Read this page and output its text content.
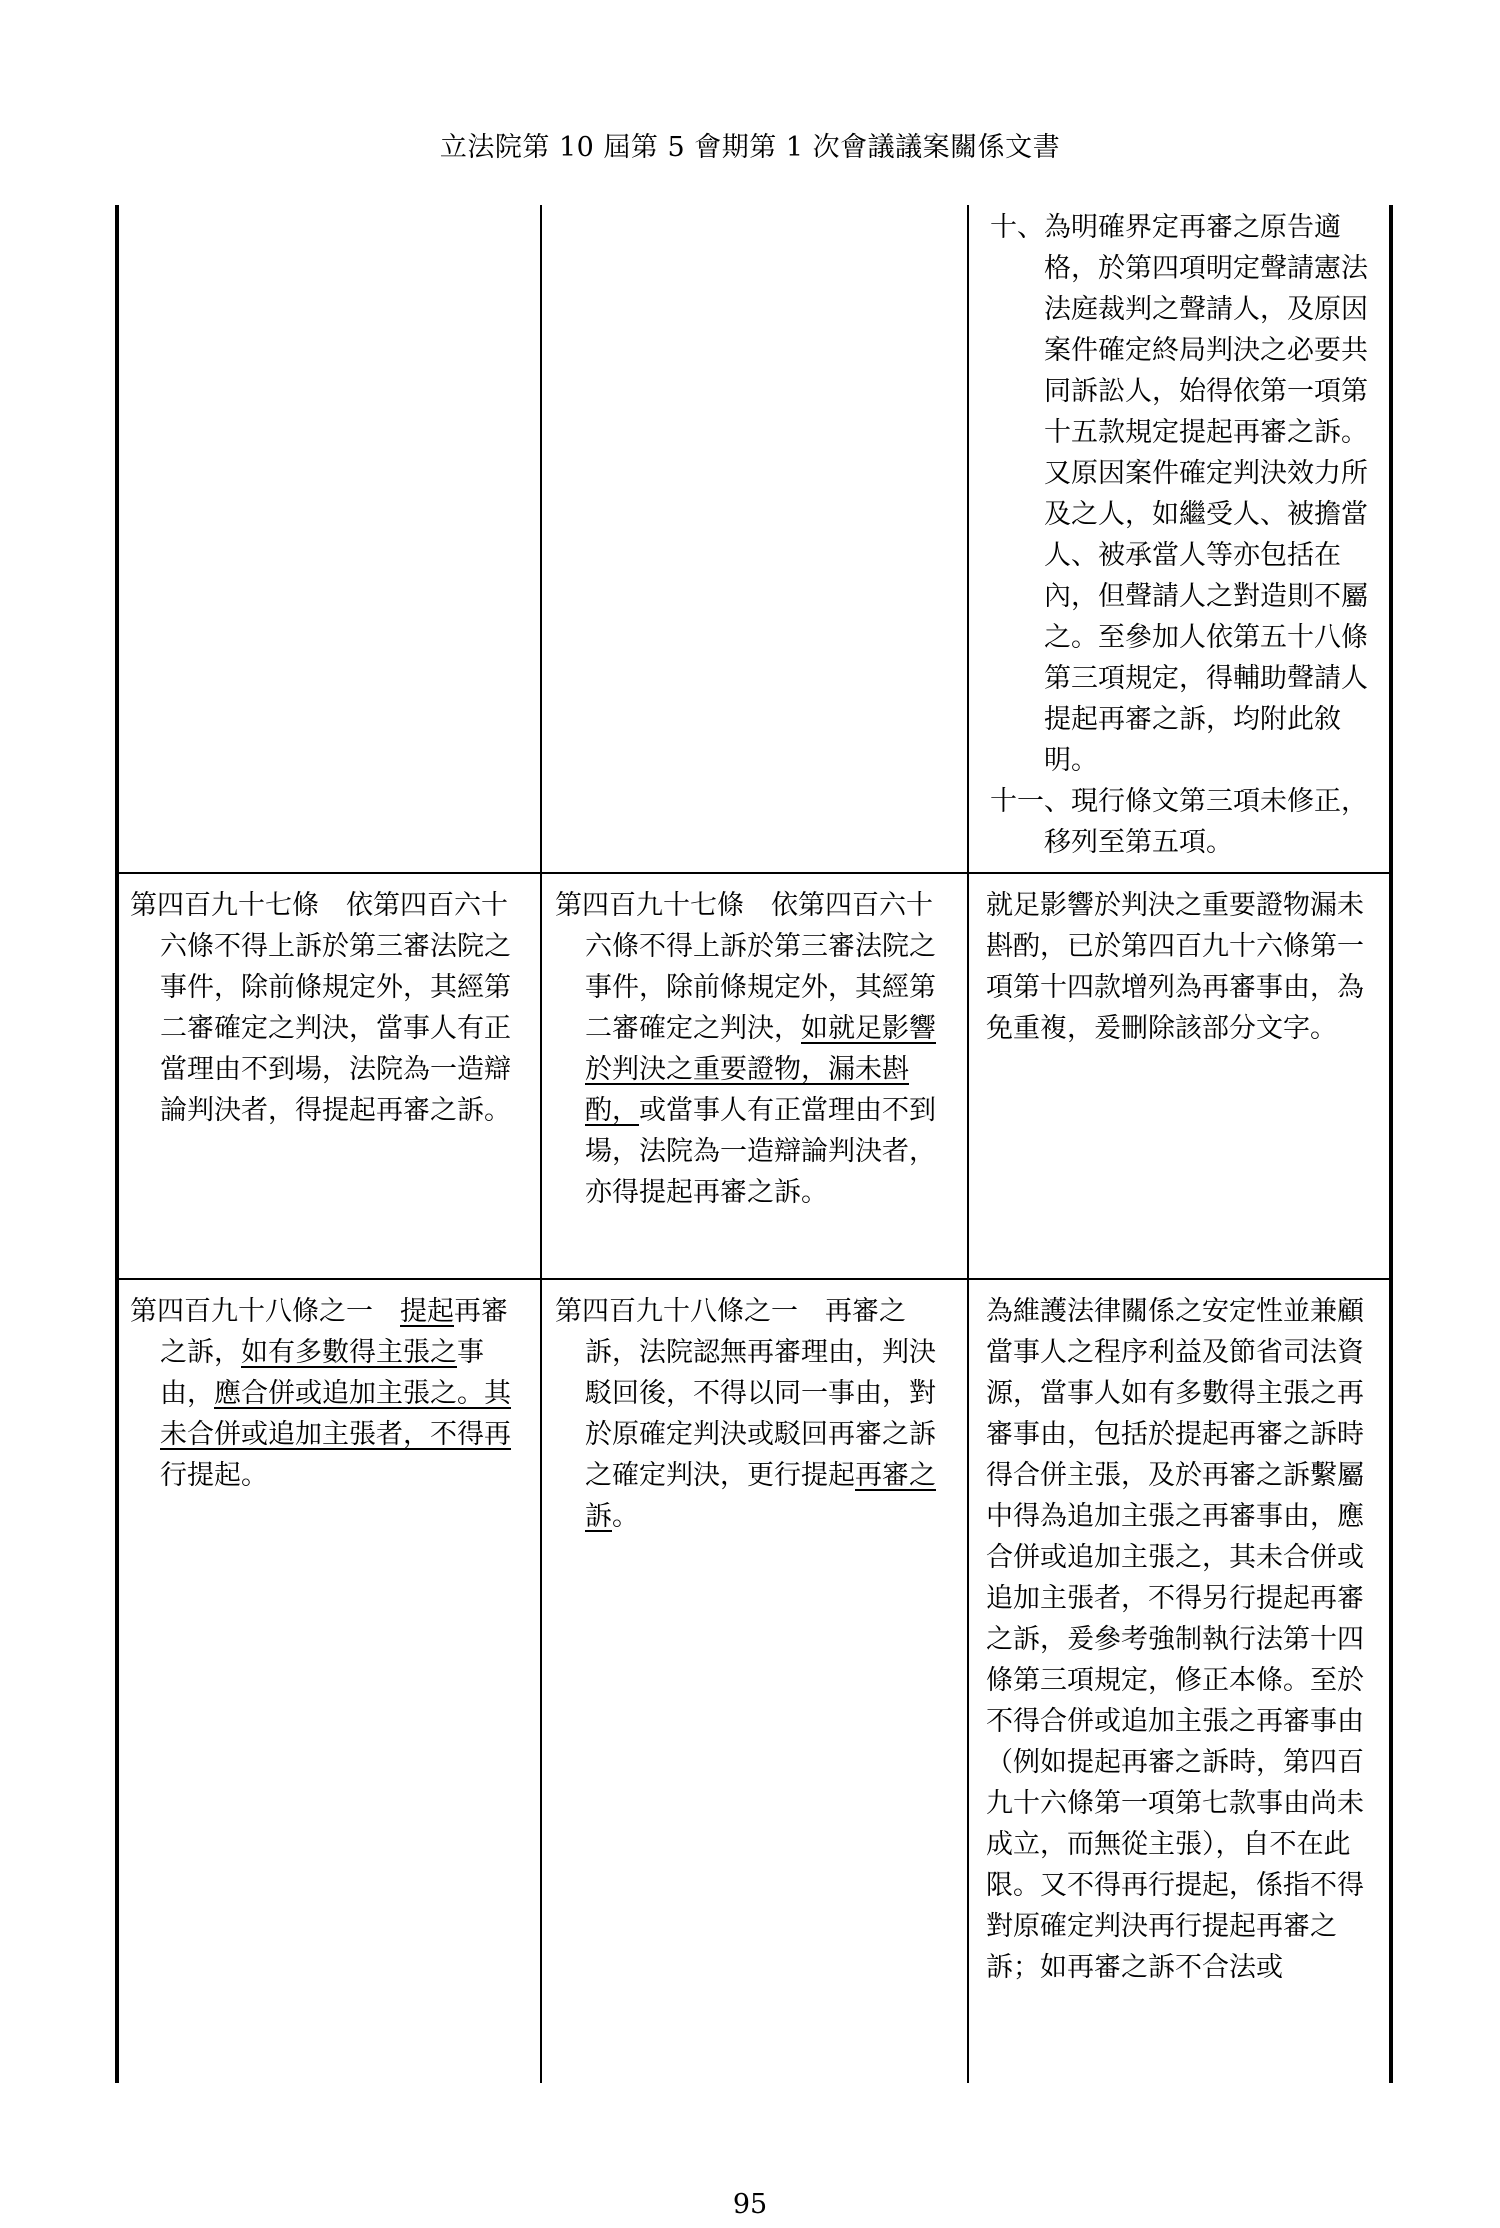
立法院第 10 屆第 5 會期第 1 次會議議案關係文書

十、為明確界定再審之原告適格，於第四項明定聲請憲法法庭裁判之聲請人，及原因案件確定終局判決之必要共同訴訟人，始得依第一項第十五款規定提起再審之訴。又原因案件確定判決效力所及之人，如繼受人、被擔當人、被承當人等亦包括在內，但聲請人之對造則不屬之。至參加人依第五十八條第三項規定，得輔助聲請人提起再審之訴，均附此敘明。

十一、現行條文第三項未修正，移列至第五項。

第四百九十七條　依第四百六十六條不得上訴於第三審法院之事件，除前條規定外，其經第二審確定之判決，當事人有正當理由不到場，法院為一造辯論判決者，得提起再審之訴。

第四百九十七條　依第四百六十六條不得上訴於第三審法院之事件，除前條規定外，其經第二審確定之判決，如就足影響於判決之重要證物，漏未斟酌，或當事人有正當理由不到場，法院為一造辯論判決者，亦得提起再審之訴。

就足影響於判決之重要證物漏未斟酌，已於第四百九十六條第一項第十四款增列為再審事由，為免重複，爰刪除該部分文字。

第四百九十八條之一　提起再審之訴，如有多數得主張之事由，應合併或追加主張之。其未合併或追加主張者，不得再行提起。

第四百九十八條之一　再審之訴，法院認無再審理由，判決駁回後，不得以同一事由，對於原確定判決或駁回再審之訴之確定判決，更行提起再審之訴。

為維護法律關係之安定性並兼顧當事人之程序利益及節省司法資源，當事人如有多數得主張之再審事由，包括於提起再審之訴時得合併主張，及於再審之訴繫屬中得為追加主張之再審事由，應合併或追加主張之，其未合併或追加主張者，不得另行提起再審之訴，爰參考強制執行法第十四條第三項規定，修正本條。至於不得合併或追加主張之再審事由（例如提起再審之訴時，第四百九十六條第一項第七款事由尚未成立，而無從主張），自不在此限。又不得再行提起，係指不得對原確定判決再行提起再審之訴；如再審之訴不合法或

95
